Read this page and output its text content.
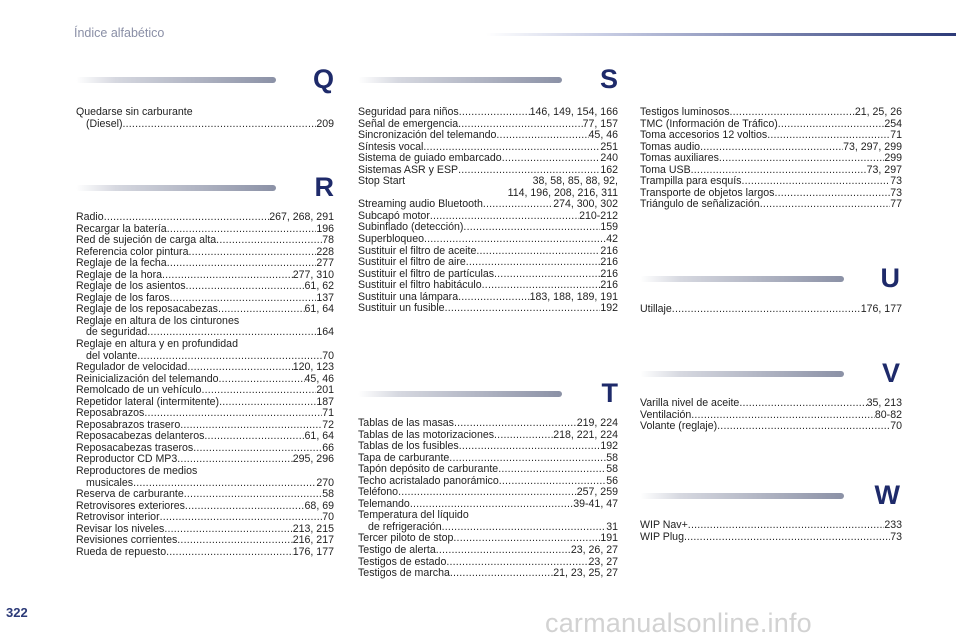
Índice alfabético
Q
R
S
T
U
V
W
Quedarse sin carburante
(Diesel) .....	209
Radio .....	267, 268, 291
Recargar la batería .....	196
Red de sujeción de carga alta .....	78
Referencia color pintura .....	228
Reglaje de la fecha .....	277
Reglaje de la hora .....	277, 310
Reglaje de los asientos .....	61, 62
Reglaje de los faros .....	137
Reglaje de los reposacabezas .....	61, 64
Reglaje en altura de los cinturones
de seguridad .....	164
Reglaje en altura y en profundidad
del volante .....	70
Regulador de velocidad .....	120, 123
Reinicialización del telemando .....	45, 46
Remolcado de un vehículo .....	201
Repetidor lateral (intermitente) .....	187
Reposabrazos .....	71
Reposabrazos trasero .....	72
Reposacabezas delanteros .....	61, 64
Reposacabezas traseros .....	66
Reproductor CD MP3 .....	295, 296
Reproductores de medios
musicales .....	270
Reserva de carburante .....	58
Retrovisores exteriores .....	68, 69
Retrovisor interior .....	70
Revisar los niveles .....	213, 215
Revisiones corrientes .....	216, 217
Rueda de repuesto .....	176, 177
Seguridad para niños .....	146, 149, 154, 166
Señal de emergencia .....	77, 157
Sincronización del telemando .....	45, 46
Síntesis vocal .....	251
Sistema de guiado embarcado .....	240
Sistemas ASR y ESP .....	162
Stop Start	38, 58, 85, 88, 92,
114, 196, 208, 216, 311
Streaming audio Bluetooth .....	274, 300, 302
Subcapó motor .....	210-212
Subinflado (detección) .....	159
Superbloqueo .....	42
Sustituir el filtro de aceite .....	216
Sustituir el filtro de aire .....	216
Sustituir el filtro de partículas .....	216
Sustituir el filtro habitáculo .....	216
Sustituir una lámpara .....	183, 188, 189, 191
Sustituir un fusible .....	192
Tablas de las masas .....	219, 224
Tablas de las motorizaciones .....	218, 221, 224
Tablas de los fusibles .....	192
Tapa de carburante .....	58
Tapón depósito de carburante .....	58
Techo acristalado panorámico .....	56
Teléfono .....	257, 259
Telemando .....	39-41, 47
Temperatura del líquido
de refrigeración .....	31
Tercer piloto de stop .....	191
Testigo de alerta .....	23, 26, 27
Testigos de estado .....	23, 27
Testigos de marcha .....	21, 23, 25, 27
Testigos luminosos .....	21, 25, 26
TMC (Información de Tráfico) .....	254
Toma accesorios 12 voltios .....	71
Tomas audio .....	73, 297, 299
Tomas auxiliares .....	299
Toma USB .....	73, 297
Trampilla para esquís .....	73
Transporte de objetos largos .....	73
Triángulo de señalización .....	77
Utillaje .....	176, 177
Varilla nivel de aceite .....	35, 213
Ventilación .....	80-82
Volante (reglaje) .....	70
WIP Nav+ .....	233
WIP Plug .....	73
322	carmanualsonline.info
